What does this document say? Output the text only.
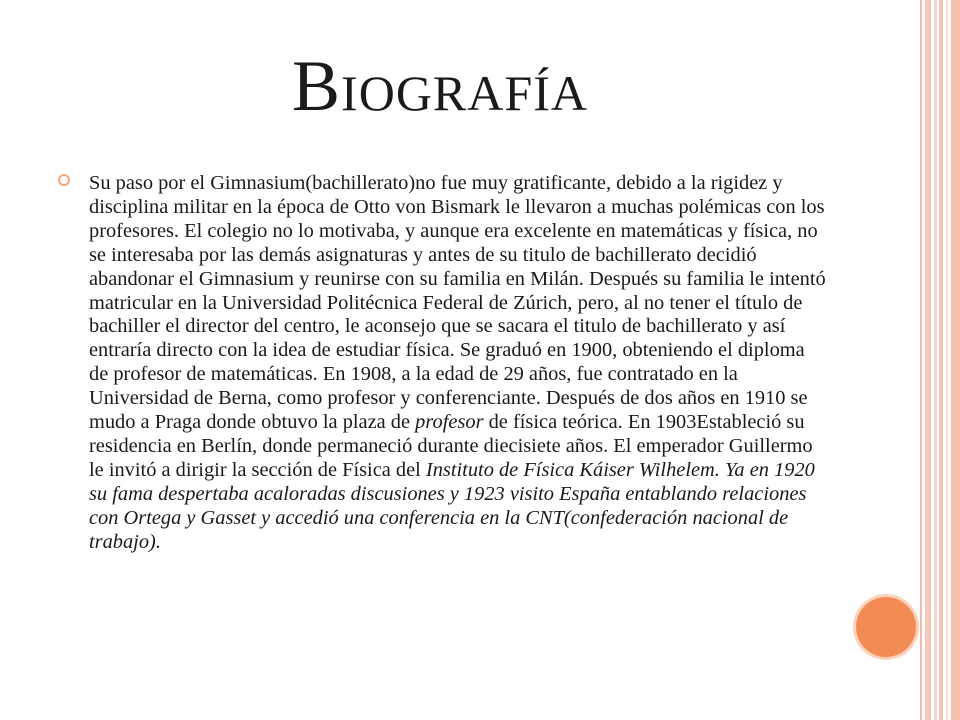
Biografía

Su paso por el Gimnasium(bachillerato)no fue muy gratificante, debido a la rigidez y disciplina militar en la época de Otto von Bismark le llevaron a muchas polémicas con los profesores. El colegio no lo motivaba, y aunque era excelente en matemáticas y física, no se interesaba por las demás asignaturas y antes de su titulo de bachillerato decidió abandonar el Gimnasium y reunirse con su familia en Milán. Después su familia le intentó matricular en la Universidad Politécnica Federal de Zúrich, pero, al no tener el título de bachiller el director del centro, le aconsejo que se sacara el titulo de bachillerato y así entraría directo con la idea de estudiar física. Se graduó en 1900, obteniendo el diploma de profesor de matemáticas. En 1908, a la edad de 29 años, fue contratado en la Universidad de Berna, como profesor y conferenciante. Después de dos años en 1910 se mudo a Praga donde obtuvo la plaza de profesor de física teórica. En 1903Estableció su residencia en Berlín, donde permaneció durante diecisiete años. El emperador Guillermo le invitó a dirigir la sección de Física del Instituto de Física Káiser Wilhelem. Ya en 1920 su fama despertaba acaloradas discusiones y 1923 visito España entablando relaciones con Ortega y Gasset y accedió una conferencia en la CNT(confederación nacional de trabajo).
